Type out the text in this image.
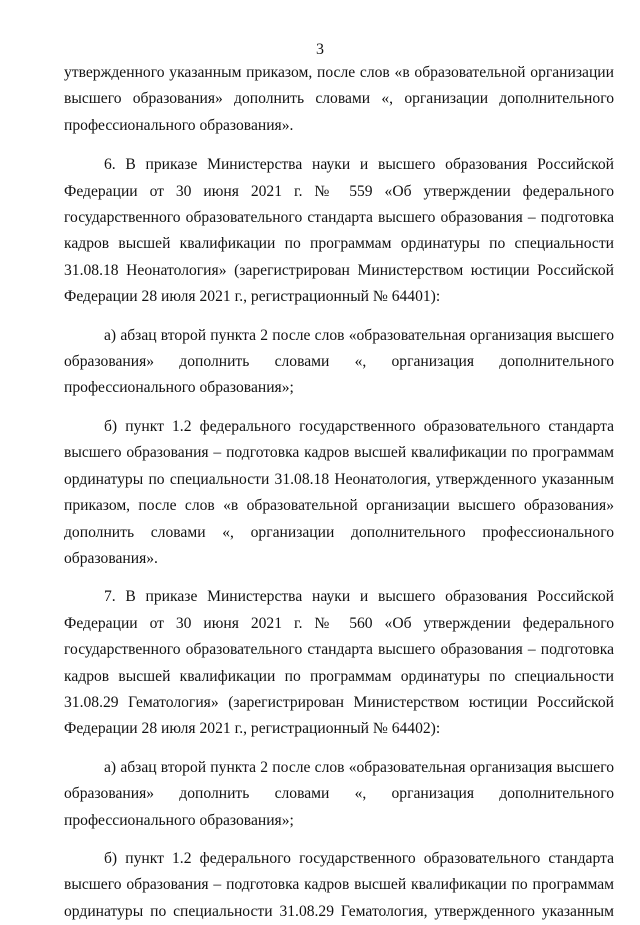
3

утвержденного указанным приказом, после слов «в образовательной организации высшего образования» дополнить словами «, организации дополнительного профессионального образования».

6. В приказе Министерства науки и высшего образования Российской Федерации от 30 июня 2021 г. № 559 «Об утверждении федерального государственного образовательного стандарта высшего образования – подготовка кадров высшей квалификации по программам ординатуры по специальности 31.08.18 Неонатология» (зарегистрирован Министерством юстиции Российской Федерации 28 июля 2021 г., регистрационный № 64401):

а) абзац второй пункта 2 после слов «образовательная организация высшего образования» дополнить словами «, организация дополнительного профессионального образования»;

б) пункт 1.2 федерального государственного образовательного стандарта высшего образования – подготовка кадров высшей квалификации по программам ординатуры по специальности 31.08.18 Неонатология, утвержденного указанным приказом, после слов «в образовательной организации высшего образования» дополнить словами «, организации дополнительного профессионального образования».

7. В приказе Министерства науки и высшего образования Российской Федерации от 30 июня 2021 г. № 560 «Об утверждении федерального государственного образовательного стандарта высшего образования – подготовка кадров высшей квалификации по программам ординатуры по специальности 31.08.29 Гематология» (зарегистрирован Министерством юстиции Российской Федерации 28 июля 2021 г., регистрационный № 64402):

а) абзац второй пункта 2 после слов «образовательная организация высшего образования» дополнить словами «, организация дополнительного профессионального образования»;

б) пункт 1.2 федерального государственного образовательного стандарта высшего образования – подготовка кадров высшей квалификации по программам ординатуры по специальности 31.08.29 Гематология, утвержденного указанным
